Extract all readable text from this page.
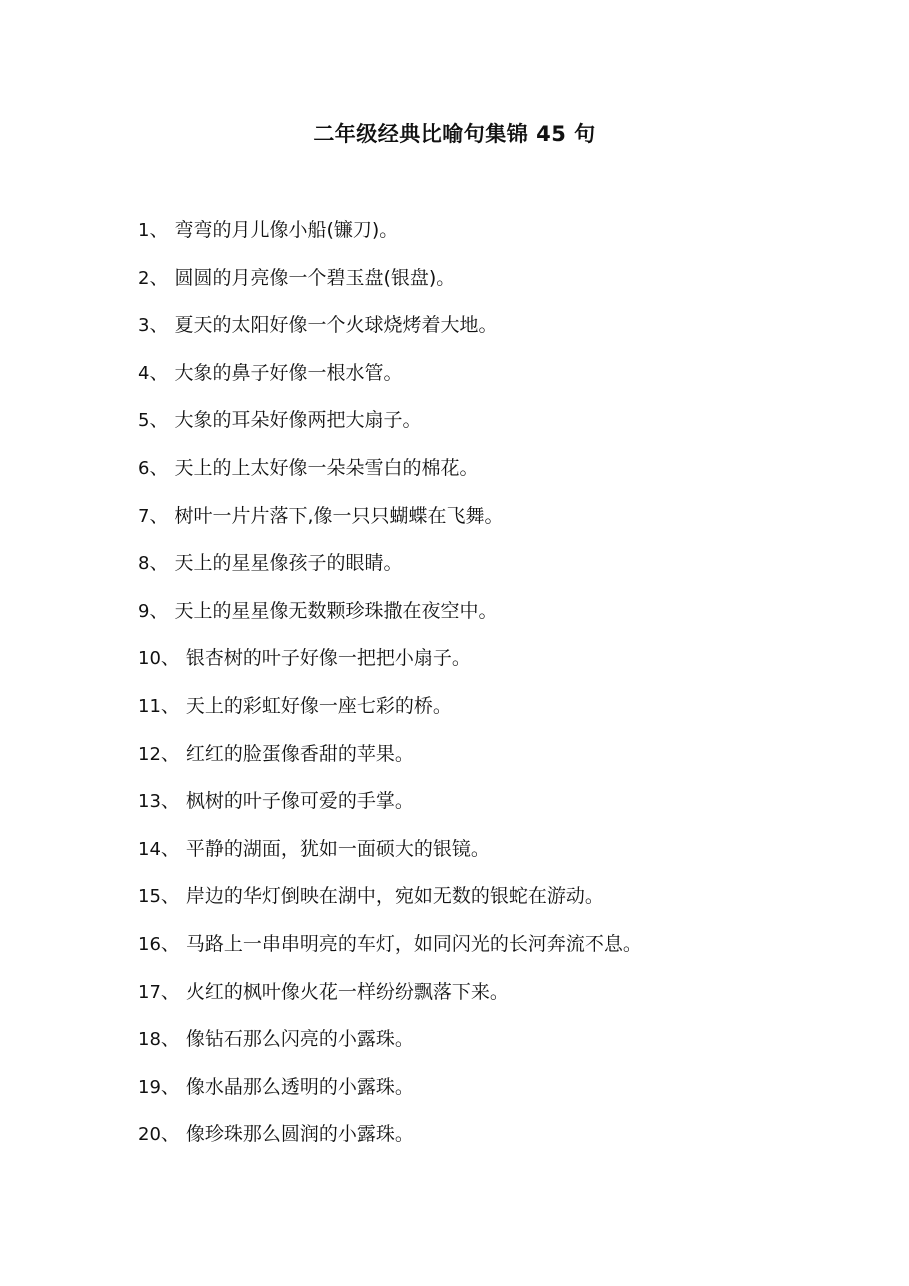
二年级经典比喻句集锦 45 句
1 、 弯弯的月儿像小船(镰刀)。
2 、 圆圆的月亮像一个碧玉盘(银盘)。
3 、 夏天的太阳好像一个火球烧烤着大地。
4 、 大象的鼻子好像一根水管。
5 、 大象的耳朵好像两把大扇子。
6 、 天上的上太好像一朵朵雪白的棉花。
7 、 树叶一片片落下,像一只只蝴蝶在飞舞。
8 、 天上的星星像孩子的眼睛。
9 、 天上的星星像无数颗珍珠撒在夜空中。
10 、 银杏树的叶子好像一把把小扇子。
11 、 天上的彩虹好像一座七彩的桥。
12 、 红红的脸蛋像香甜的苹果。
13 、 枫树的叶子像可爱的手掌。
14 、 平静的湖面，犹如一面硕大的银镜。
15 、 岸边的华灯倒映在湖中，宛如无数的银蛇在游动。
16 、 马路上一串串明亮的车灯，如同闪光的长河奔流不息。
17 、 火红的枫叶像火花一样纷纷飘落下来。
18 、 像钻石那么闪亮的小露珠。
19 、 像水晶那么透明的小露珠。
20 、 像珍珠那么圆润的小露珠。
